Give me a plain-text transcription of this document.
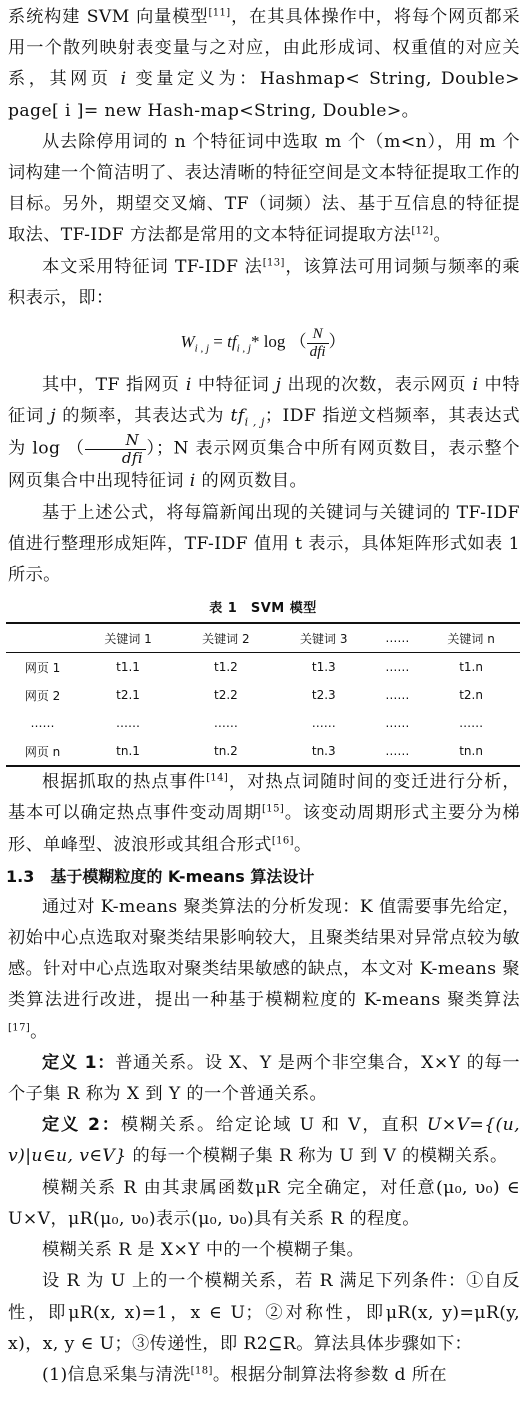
系统构建 SVM 向量模型[11]，在其具体操作中，将每个网页都采用一个散列映射表变量与之对应，由此形成词、权重值的对应关系，其网页 i 变量定义为：Hashmap< String, Double> page[ i ]= new Hash-map<String, Double>。

从去除停用词的 n 个特征词中选取 m 个（m<n），用 m 个词构建一个简洁明了、表达清晰的特征空间是文本特征提取工作的目标。另外，期望交叉熵、TF（词频）法、基于互信息的特征提取法、TF-IDF 方法都是常用的文本特征词提取方法[12]。

本文采用特征词 TF-IDF 法[13]，该算法可用词频与频率的乘积表示，即：

$W_{i , j} = tf_{i , j}*$ log （ $\frac{N}{\text{dfi}}$ ）

其中，TF 指网页 i 中特征词 j 出现的次数，表示网页 i 中特征词 j 的频率，其表达式为 $tf_{i , j}$；IDF 指逆文档频率，其表达式为 log （ $\frac{N}{\text{dfi}}$ ）；N 表示网页集合中所有网页数目，表示整个网页集合中出现特征词 i 的网页数目。

基于上述公式，将每篇新闻出现的关键词与关键词的 TF-IDF 值进行整理形成矩阵，TF-IDF 值用 t 表示，具体矩阵形式如表 1 所示。

表 1　SVM 模型
	关键词 1	关键词 2	关键词 3	……	关键词 n
网页 1	t1.1	t1.2	t1.3	……	t1.n
网页 2	t2.1	t2.2	t2.3	……	t2.n
……	……	……	……	……	……
网页 n	tn.1	tn.2	tn.3	……	tn.n

根据抓取的热点事件[14]，对热点词随时间的变迁进行分析，基本可以确定热点事件变动周期[15]。该变动周期形式主要分为梯形、单峰型、波浪形或其组合形式[16]。

1.3　基于模糊粒度的 K-means 算法设计

通过对 K-means 聚类算法的分析发现：K 值需要事先给定，初始中心点选取对聚类结果影响较大，且聚类结果对异常点较为敏感。针对中心点选取对聚类结果敏感的缺点，本文对 K-means 聚类算法进行改进，提出一种基于模糊粒度的 K-means 聚类算法[17]。

定义 1：普通关系。设 X、Y 是两个非空集合，X×Y 的每一个子集 R 称为 X 到 Y 的一个普通关系。

定义 2：模糊关系。给定论域 U 和 V，直积 U×V={(u, v)|u∈u, v∈V} 的每一个模糊子集 R 称为 U 到 V 的模糊关系。

模糊关系 R 由其隶属函数μR 完全确定，对任意(μ₀, υ₀) ∈ U×V，μR(μ₀, υ₀)表示(μ₀, υ₀)具有关系 R 的程度。

模糊关系 R 是 X×Y 中的一个模糊子集。

设 R 为 U 上的一个模糊关系，若 R 满足下列条件：①自反性，即μR(x, x)=1，x ∈ U；②对称性，即μR(x, y)=μR(y, x)，x, y ∈ U；③传递性，即 R2⊆R。算法具体步骤如下：

(1)信息采集与清洗[18]。根据分制算法将参数 d 所在
